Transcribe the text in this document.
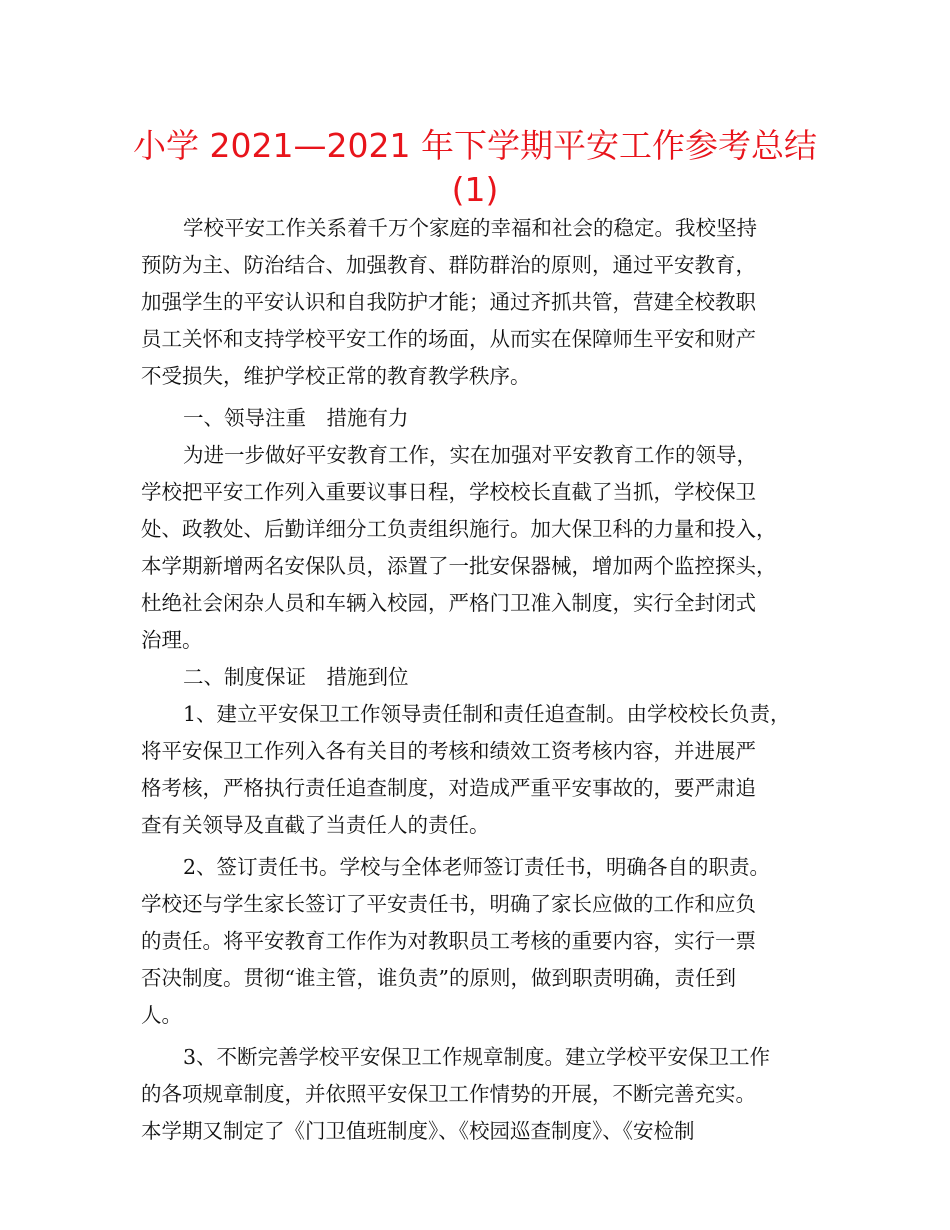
小学 2021—2021 年下学期平安工作参考总结
(1)
学校平安工作关系着千万个家庭的幸福和社会的稳定。我校坚持
预防为主、防治结合、加强教育、群防群治的原则，通过平安教育，
加强学生的平安认识和自我防护才能；通过齐抓共管，营建全校教职
员工关怀和支持学校平安工作的场面，从而实在保障师生平安和财产
不受损失，维护学校正常的教育教学秩序。
一、领导注重　措施有力
为进一步做好平安教育工作，实在加强对平安教育工作的领导，
学校把平安工作列入重要议事日程，学校校长直截了当抓，学校保卫
处、政教处、后勤详细分工负责组织施行。加大保卫科的力量和投入，
本学期新增两名安保队员，添置了一批安保器械，增加两个监控探头，
杜绝社会闲杂人员和车辆入校园，严格门卫准入制度，实行全封闭式
治理。
二、制度保证　措施到位
1、建立平安保卫工作领导责任制和责任追查制。由学校校长负责，
将平安保卫工作列入各有关目的考核和绩效工资考核内容，并进展严
格考核，严格执行责任追查制度，对造成严重平安事故的，要严肃追
查有关领导及直截了当责任人的责任。
2、签订责任书。学校与全体老师签订责任书，明确各自的职责。
学校还与学生家长签订了平安责任书，明确了家长应做的工作和应负
的责任。将平安教育工作作为对教职员工考核的重要内容，实行一票
否决制度。贯彻“谁主管，谁负责”的原则，做到职责明确，责任到
人。
3、不断完善学校平安保卫工作规章制度。建立学校平安保卫工作
的各项规章制度，并依照平安保卫工作情势的开展，不断完善充实。
本学期又制定了《门卫值班制度》、《校园巡查制度》、《安检制
